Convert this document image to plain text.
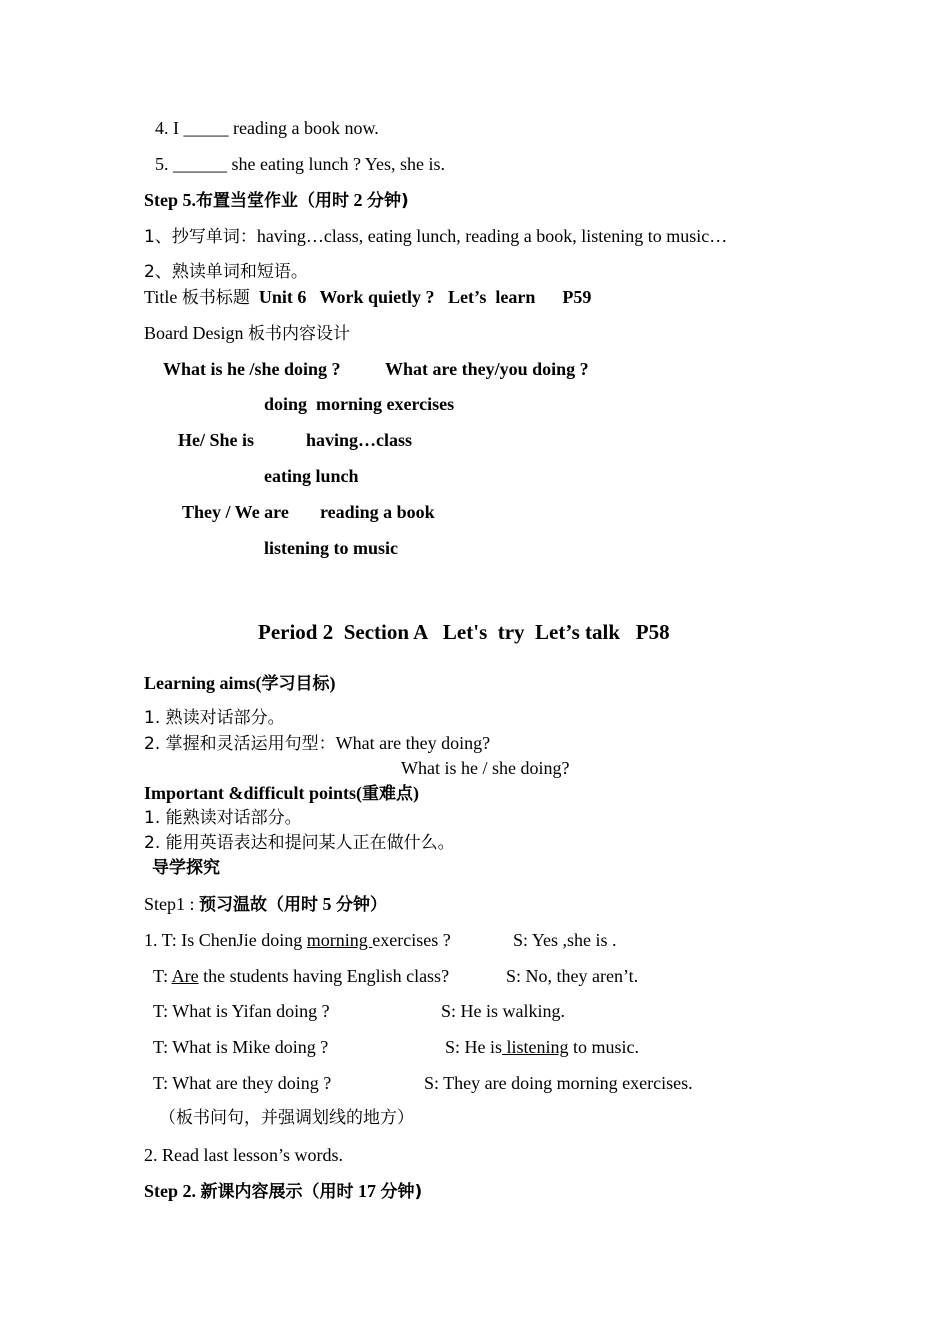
4. I _____ reading a book now.
5. ______ she eating lunch ? Yes, she is.
Step 5.布置当堂作业（用时 2 分钟)
1、抄写单词：having…class, eating lunch, reading a book, listening to music…
2、熟读单词和短语。
Title 板书标题  Unit 6   Work quietly ?   Let’s  learn      P59
Board Design 板书内容设计
What is he /she doing ? What are they/you doing ?
doing  morning exercises
He/ She is	having…class
eating lunch
They / We are reading a book
listening to music
Period 2  Section A   Let's  try  Let’s talk   P58
Learning aims(学习目标)
1. 熟读对话部分。
2. 掌握和灵活运用句型：What are they doing?
What is he / she doing?
Important &difficult points(重难点)
1. 能熟读对话部分。
2. 能用英语表达和提问某人正在做什么。
导学探究
Step1 : 预习温故（用时 5 分钟）
1. T: Is ChenJie doing morning exercises ?	S: Yes ,she is .
T: Are the students having English class?	S: No, they aren’t.
T: What is Yifan doing ?	S: He is walking.
T: What is Mike doing ?	S: He is listening to music.
T: What are they doing ?	S: They are doing morning exercises.
（板书问句，并强调划线的地方）
2. Read last lesson’s words.
Step 2. 新课内容展示（用时 17 分钟)
